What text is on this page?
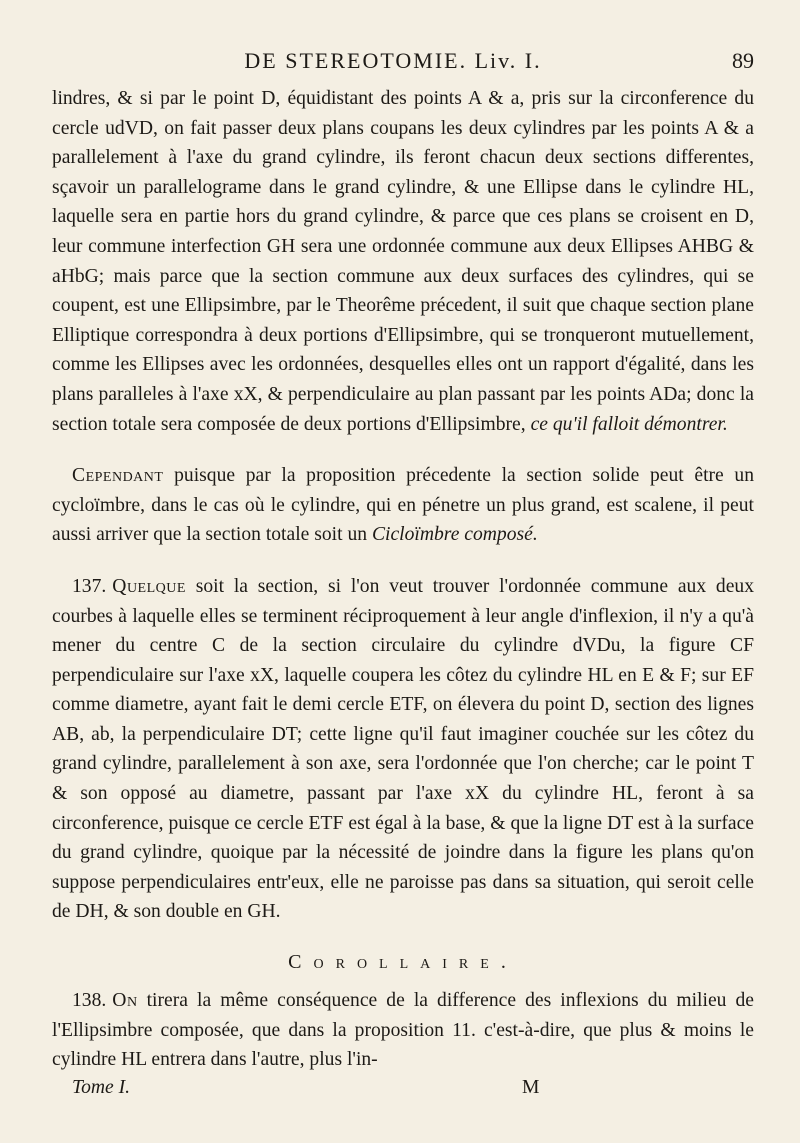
DE STEREOTOMIE. Liv. I.	89

lindres, & si par le point D, équidistant des points A & a, pris sur la circonference du cercle udVD, on fait passer deux plans coupans les deux cylindres par les points A & a parallelement à l'axe du grand cylindre, ils feront chacun deux sections differentes, sçavoir un parallelograme dans le grand cylindre, & une Ellipse dans le cylindre HL, laquelle sera en partie hors du grand cylindre, & parce que ces plans se croisent en D, leur commune interfection GH sera une ordonnée commune aux deux Ellipses AHBG & aHbG; mais parce que la section commune aux deux surfaces des cylindres, qui se coupent, est une Ellipsimbre, par le Theorême précedent, il suit que chaque section plane Elliptique correspondra à deux portions d'Ellipsimbre, qui se tronqueront mutuellement, comme les Ellipses avec les ordonnées, desquelles elles ont un rapport d'égalité, dans les plans paralleles à l'axe xX, & perpendiculaire au plan passant par les points ADa; donc la section totale sera composée de deux portions d'Ellipsimbre, ce qu'il falloit démontrer.

Cependant puisque par la proposition précedente la section solide peut être un cycloïmbre, dans le cas où le cylindre, qui en pénetre un plus grand, est scalene, il peut aussi arriver que la section totale soit un Cicloïmbre composé.

137. Quelque soit la section, si l'on veut trouver l'ordonnée commune aux deux courbes à laquelle elles se terminent réciproquement à leur angle d'inflexion, il n'y a qu'à mener du centre C de la section circulaire du cylindre dVDu, la figure CF perpendiculaire sur l'axe xX, laquelle coupera les côtez du cylindre HL en E & F; sur EF comme diametre, ayant fait le demi cercle ETF, on élevera du point D, section des lignes AB, ab, la perpendiculaire DT; cette ligne qu'il faut imaginer couchée sur les côtez du grand cylindre, parallelement à son axe, sera l'ordonnée que l'on cherche; car le point T & son opposé au diametre, passant par l'axe xX du cylindre HL, feront à sa circonference, puisque ce cercle ETF est égal à la base, & que la ligne DT est à la surface du grand cylindre, quoique par la nécessité de joindre dans la figure les plans qu'on suppose perpendiculaires entr'eux, elle ne paroisse pas dans sa situation, qui seroit celle de DH, & son double en GH.

Corollaire.

138. On tirera la même conséquence de la difference des inflexions du milieu de l'Ellipsimbre composée, que dans la proposition 11. c'est-à-dire, que plus & moins le cylindre HL entrera dans l'autre, plus l'in-

Tome I.	M
